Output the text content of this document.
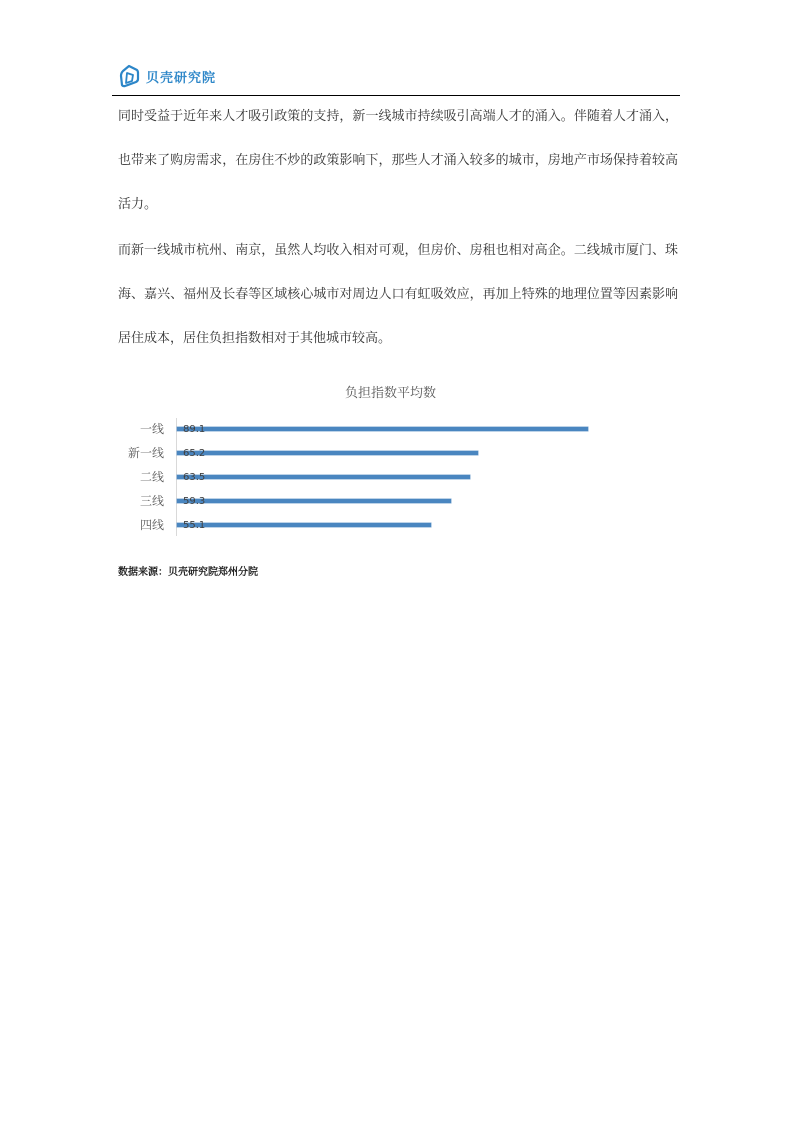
贝壳研究院

同时受益于近年来人才吸引政策的支持，新一线城市持续吸引高端人才的涌入。伴随着人才涌入，也带来了购房需求，在房住不炒的政策影响下，那些人才涌入较多的城市，房地产市场保持着较高活力。

而新一线城市杭州、南京，虽然人均收入相对可观，但房价、房租也相对高企。二线城市厦门、珠海、嘉兴、福州及长春等区域核心城市对周边人口有虹吸效应，再加上特殊的地理位置等因素影响居住成本，居住负担指数相对于其他城市较高。

负担指数平均数
一线 89.1
新一线 65.2
二线 63.5
三线 59.3
四线 55.1
数据来源：贝壳研究院郑州分院
